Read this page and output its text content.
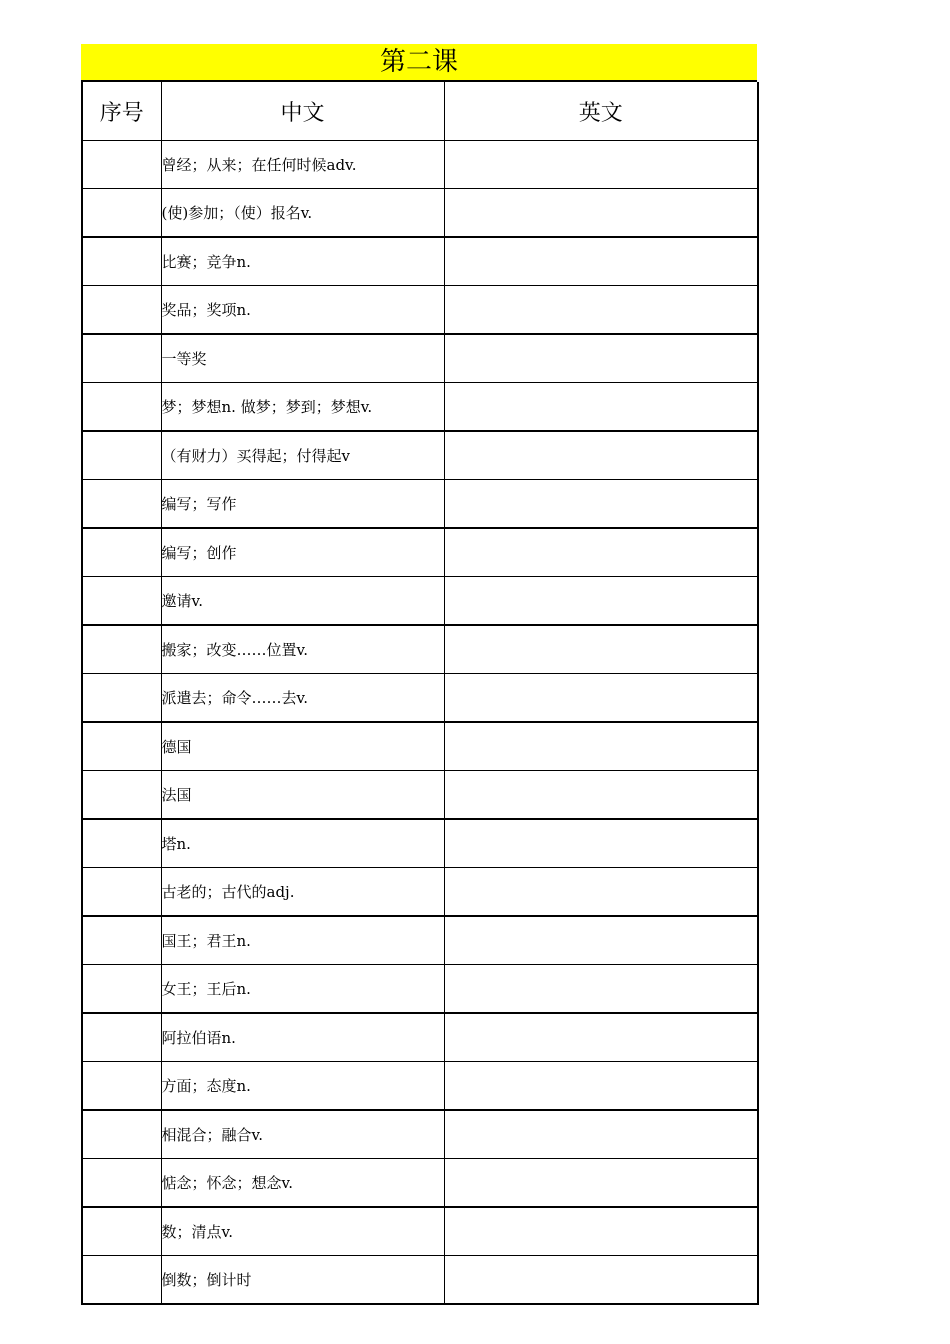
第二课
序号	中文	英文
	曾经；从来；在任何时候adv.	
	(使)参加；（使）报名v.	
	比赛；竞争n.	
	奖品；奖项n.	
	一等奖	
	梦；梦想n. 做梦；梦到；梦想v.	
	（有财力）买得起；付得起v	
	编写；写作	
	编写；创作	
	邀请v.	
	搬家；改变……位置v.	
	派遣去；命令……去v.	
	德国	
	法国	
	塔n.	
	古老的；古代的adj.	
	国王；君王n.	
	女王；王后n.	
	阿拉伯语n.	
	方面；态度n.	
	相混合；融合v.	
	惦念；怀念；想念v.	
	数；清点v.	
	倒数；倒计时	
